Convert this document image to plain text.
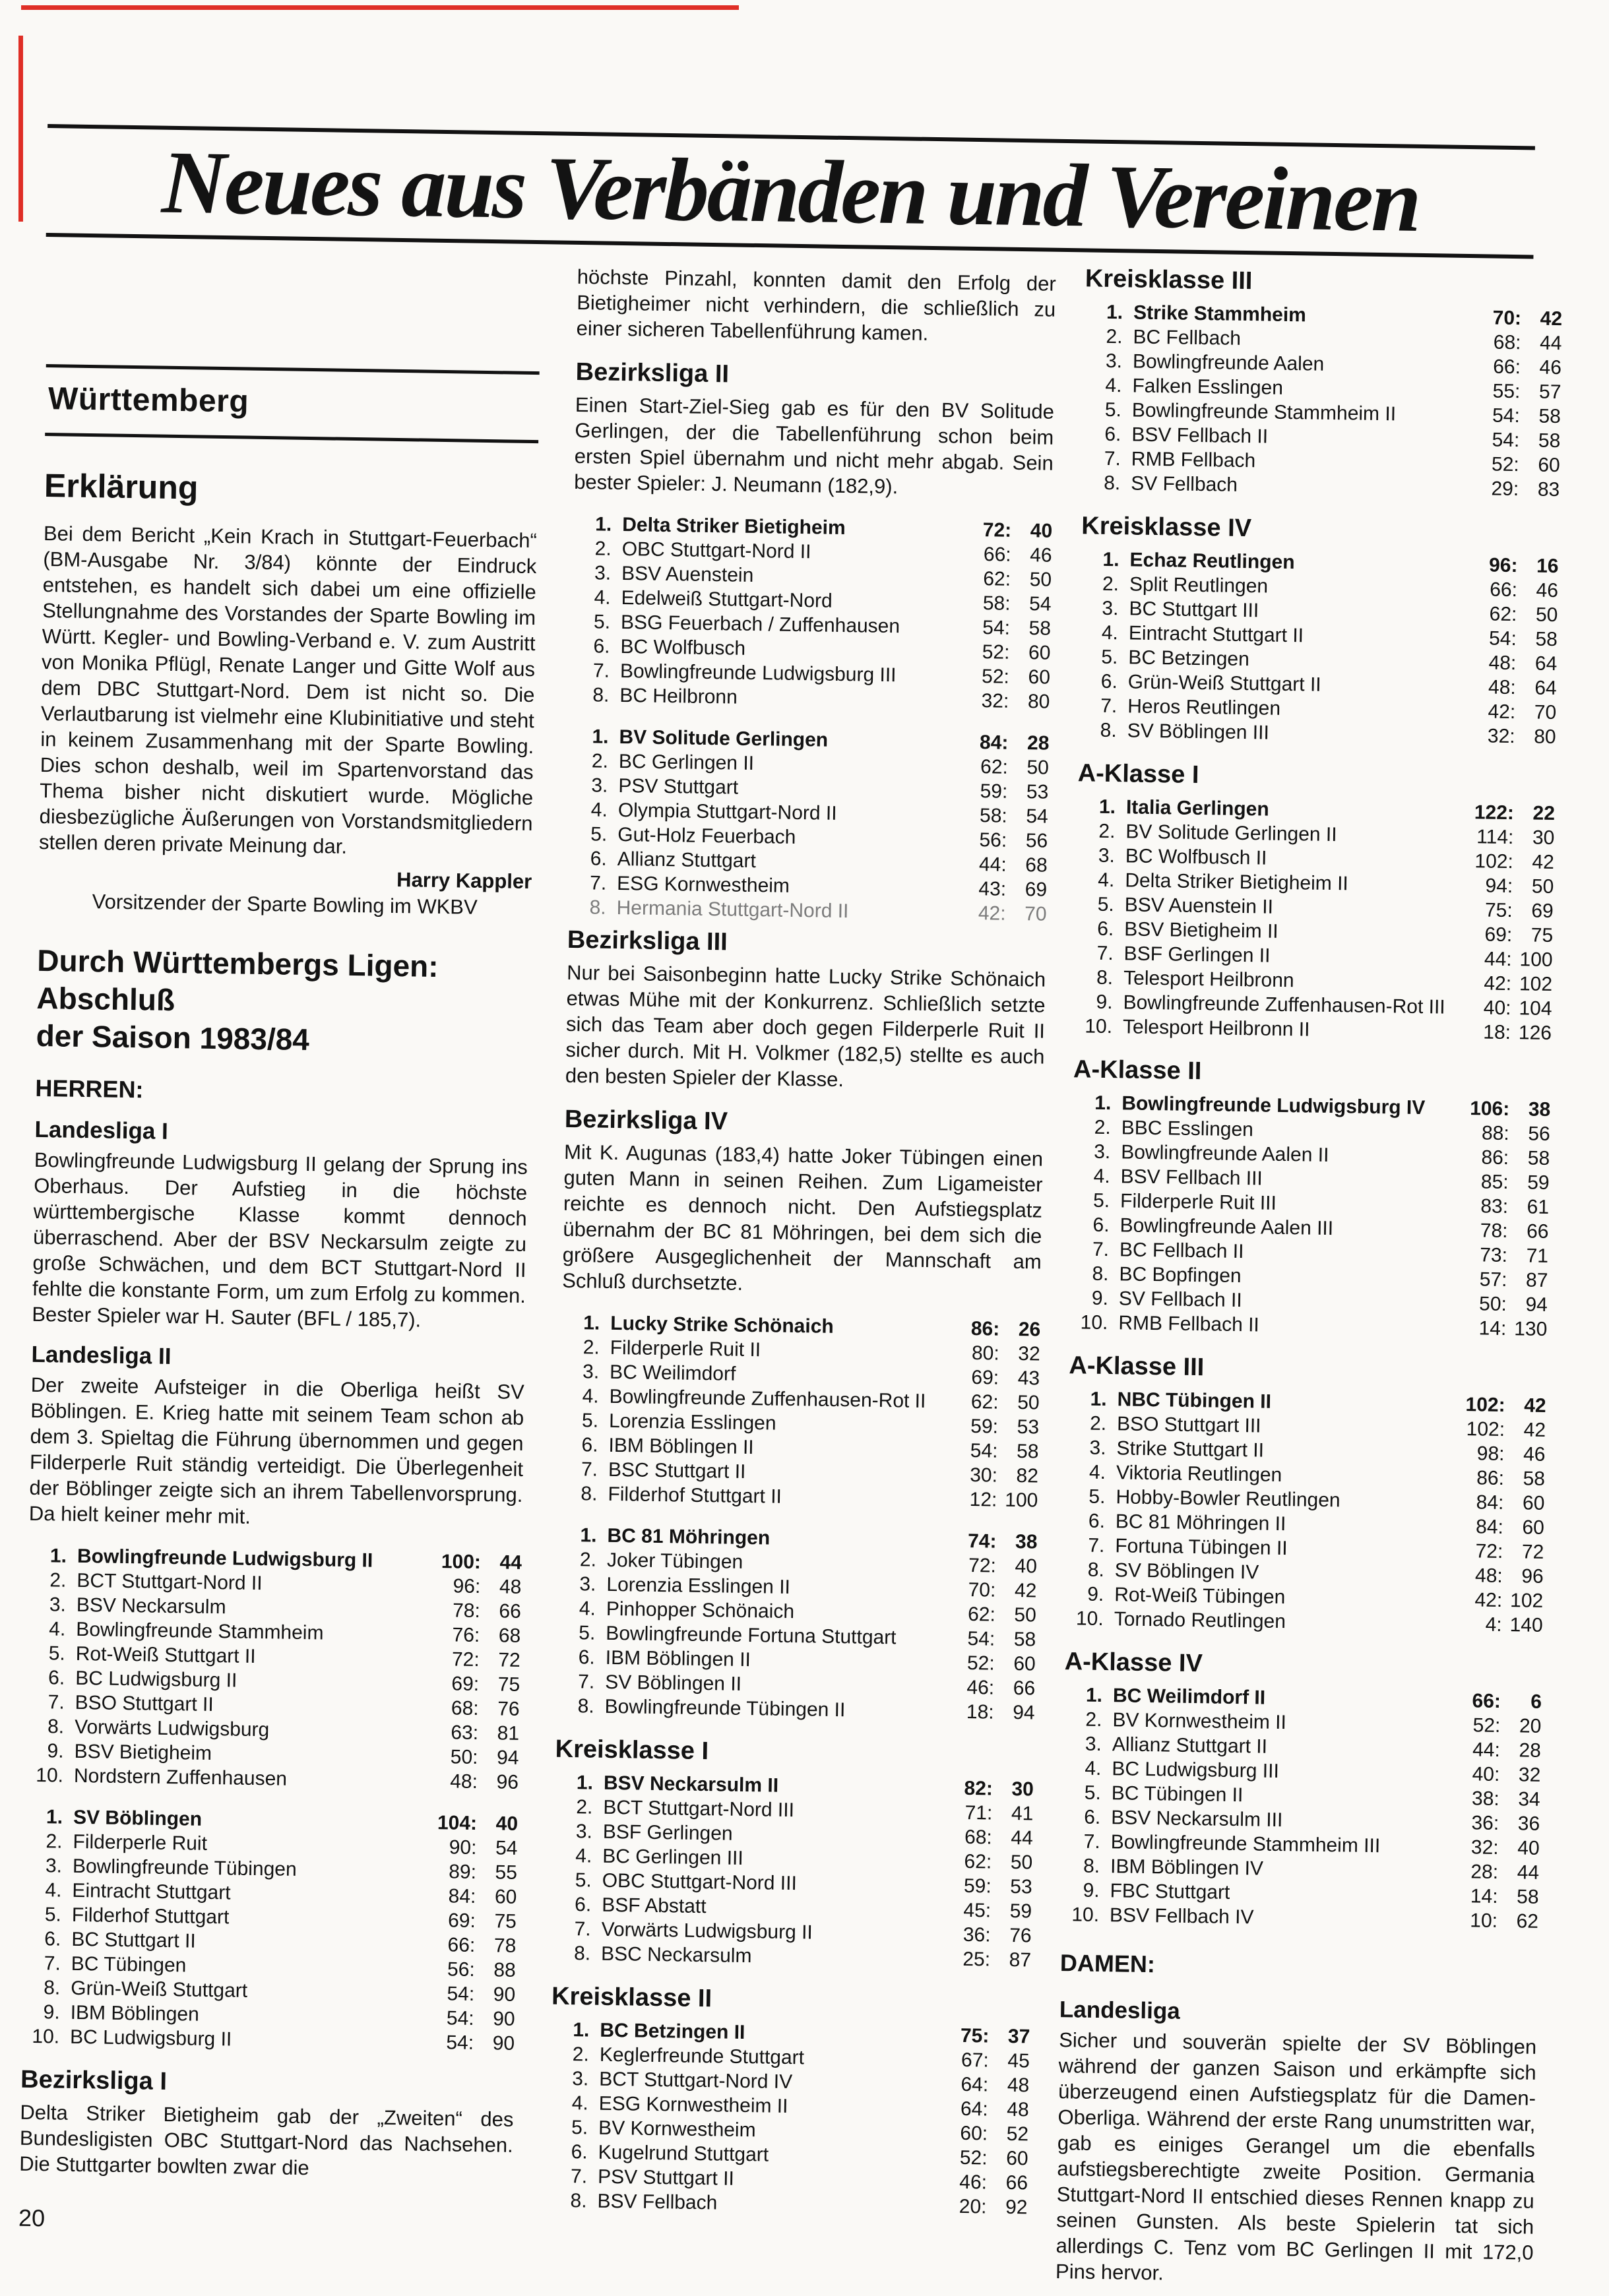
Neues aus Verbänden und Vereinen
Württemberg
Erklärung

Bei dem Bericht „Kein Krach in Stuttgart-Feuerbach“ (BM-Ausgabe Nr. 3/84) könnte der Eindruck entstehen, es handelt sich dabei um eine offizielle Stellungnahme des Vorstandes der Sparte Bowling im Württ. Kegler- und Bowling-Verband e. V. zum Austritt von Monika Pflügl, Renate Langer und Gitte Wolf aus dem DBC Stuttgart-Nord. Dem ist nicht so. Die Verlautbarung ist vielmehr eine Klubinitiative und steht in keinem Zusammenhang mit der Sparte Bowling. Dies schon deshalb, weil im Spartenvorstand das Thema bisher nicht diskutiert wurde. Mögliche diesbezügliche Äußerungen von Vorstandsmitgliedern stellen deren private Meinung dar.

Harry Kappler

Vorsitzender der Sparte Bowling im WKBV

Durch Württembergs Ligen:
Abschluß
der Saison 1983/84
HERREN:
Landesliga I

Bowlingfreunde Ludwigsburg II gelang der Sprung ins Oberhaus. Der Aufstieg in die höchste württembergische Klasse kommt dennoch überraschend. Aber der BSV Neckarsulm zeigte zu große Schwächen, und dem BCT Stuttgart-Nord II fehlte die konstante Form, um zum Erfolg zu kommen. Bester Spieler war H. Sauter (BFL / 185,7).

Landesliga II

Der zweite Aufsteiger in die Oberliga heißt SV Böblingen. E. Krieg hatte mit seinem Team schon ab dem 3. Spieltag die Führung übernommen und gegen Filderperle Ruit ständig verteidigt. Die Überlegenheit der Böblinger zeigte sich an ihrem Tabellenvorsprung. Da hielt keiner mehr mit.

1. Bowlingfreunde Ludwigsburg II	100 : 44
2. BCT Stuttgart-Nord II	96 : 48
3. BSV Neckarsulm	78 : 66
4. Bowlingfreunde Stammheim	76 : 68
5. Rot-Weiß Stuttgart II	72 : 72
6. BC Ludwigsburg II	69 : 75
7. BSO Stuttgart II	68 : 76
8. Vorwärts Ludwigsburg	63 : 81
9. BSV Bietigheim	50 : 94
10. Nordstern Zuffenhausen	48 : 96
1. SV Böblingen	104 : 40
2. Filderperle Ruit	90 : 54
3. Bowlingfreunde Tübingen	89 : 55
4. Eintracht Stuttgart	84 : 60
5. Filderhof Stuttgart	69 : 75
6. BC Stuttgart II	66 : 78
7. BC Tübingen	56 : 88
8. Grün-Weiß Stuttgart	54 : 90
9. IBM Böblingen	54 : 90
10. BC Ludwigsburg II	54 : 90
Bezirksliga I

Delta Striker Bietigheim gab der „Zweiten“ des Bundesligisten OBC Stuttgart-Nord das Nachsehen. Die Stuttgarter bowlten zwar die

20

höchste Pinzahl, konnten damit den Erfolg der Bietigheimer nicht verhindern, die schließlich zu einer sicheren Tabellenführung kamen.

Bezirksliga II

Einen Start-Ziel-Sieg gab es für den BV Solitude Gerlingen, der die Tabellenführung schon beim ersten Spiel übernahm und nicht mehr abgab. Sein bester Spieler: J. Neumann (182,9).

1. Delta Striker Bietigheim	72 : 40
2. OBC Stuttgart-Nord II	66 : 46
3. BSV Auenstein	62 : 50
4. Edelweiß Stuttgart-Nord	58 : 54
5. BSG Feuerbach / Zuffenhausen	54 : 58
6. BC Wolfbusch	52 : 60
7. Bowlingfreunde Ludwigsburg III	52 : 60
8. BC Heilbronn	32 : 80
1. BV Solitude Gerlingen	84 : 28
2. BC Gerlingen II	62 : 50
3. PSV Stuttgart	59 : 53
4. Olympia Stuttgart-Nord II	58 : 54
5. Gut-Holz Feuerbach	56 : 56
6. Allianz Stuttgart	44 : 68
7. ESG Kornwestheim	43 : 69
8. Hermania Stuttgart-Nord II	42 : 70
Bezirksliga III

Nur bei Saisonbeginn hatte Lucky Strike Schönaich etwas Mühe mit der Konkurrenz. Schließlich setzte sich das Team aber doch gegen Filderperle Ruit II sicher durch. Mit H. Volkmer (182,5) stellte es auch den besten Spieler der Klasse.

Bezirksliga IV

Mit K. Augunas (183,4) hatte Joker Tübingen einen guten Mann in seinen Reihen. Zum Ligameister reichte es dennoch nicht. Den Aufstiegsplatz übernahm der BC 81 Möhringen, bei dem sich die größere Ausgeglichenheit der Mannschaft am Schluß durchsetzte.

1. Lucky Strike Schönaich	86 : 26
2. Filderperle Ruit II	80 : 32
3. BC Weilimdorf	69 : 43
4. Bowlingfreunde Zuffenhausen-Rot II	62 : 50
5. Lorenzia Esslingen	59 : 53
6. IBM Böblingen II	54 : 58
7. BSC Stuttgart II	30 : 82
8. Filderhof Stuttgart II	12 : 100
1. BC 81 Möhringen	74 : 38
2. Joker Tübingen	72 : 40
3. Lorenzia Esslingen II	70 : 42
4. Pinhopper Schönaich	62 : 50
5. Bowlingfreunde Fortuna Stuttgart	54 : 58
6. IBM Böblingen II	52 : 60
7. SV Böblingen II	46 : 66
8. Bowlingfreunde Tübingen II	18 : 94
Kreisklasse I
1. BSV Neckarsulm II	82 : 30
2. BCT Stuttgart-Nord III	71 : 41
3. BSF Gerlingen	68 : 44
4. BC Gerlingen III	62 : 50
5. OBC Stuttgart-Nord III	59 : 53
6. BSF Abstatt	45 : 59
7. Vorwärts Ludwigsburg II	36 : 76
8. BSC Neckarsulm	25 : 87
Kreisklasse II
1. BC Betzingen II	75 : 37
2. Keglerfreunde Stuttgart	67 : 45
3. BCT Stuttgart-Nord IV	64 : 48
4. ESG Kornwestheim II	64 : 48
5. BV Kornwestheim	60 : 52
6. Kugelrund Stuttgart	52 : 60
7. PSV Stuttgart II	46 : 66
8. BSV Fellbach	20 : 92
Kreisklasse III
1. Strike Stammheim	70 : 42
2. BC Fellbach	68 : 44
3. Bowlingfreunde Aalen	66 : 46
4. Falken Esslingen	55 : 57
5. Bowlingfreunde Stammheim II	54 : 58
6. BSV Fellbach II	54 : 58
7. RMB Fellbach	52 : 60
8. SV Fellbach	29 : 83
Kreisklasse IV
1. Echaz Reutlingen	96 : 16
2. Split Reutlingen	66 : 46
3. BC Stuttgart III	62 : 50
4. Eintracht Stuttgart II	54 : 58
5. BC Betzingen	48 : 64
6. Grün-Weiß Stuttgart II	48 : 64
7. Heros Reutlingen	42 : 70
8. SV Böblingen III	32 : 80
A-Klasse I
1. Italia Gerlingen	122 : 22
2. BV Solitude Gerlingen II	114 : 30
3. BC Wolfbusch II	102 : 42
4. Delta Striker Bietigheim II	94 : 50
5. BSV Auenstein II	75 : 69
6. BSV Bietigheim II	69 : 75
7. BSF Gerlingen II	44 : 100
8. Telesport Heilbronn	42 : 102
9. Bowlingfreunde Zuffenhausen-Rot III	40 : 104
10. Telesport Heilbronn II	18 : 126
A-Klasse II
1. Bowlingfreunde Ludwigsburg IV	106 : 38
2. BBC Esslingen	88 : 56
3. Bowlingfreunde Aalen II	86 : 58
4. BSV Fellbach III	85 : 59
5. Filderperle Ruit III	83 : 61
6. Bowlingfreunde Aalen III	78 : 66
7. BC Fellbach II	73 : 71
8. BC Bopfingen	57 : 87
9. SV Fellbach II	50 : 94
10. RMB Fellbach II	14 : 130
A-Klasse III
1. NBC Tübingen II	102 : 42
2. BSO Stuttgart III	102 : 42
3. Strike Stuttgart II	98 : 46
4. Viktoria Reutlingen	86 : 58
5. Hobby-Bowler Reutlingen	84 : 60
6. BC 81 Möhringen II	84 : 60
7. Fortuna Tübingen II	72 : 72
8. SV Böblingen IV	48 : 96
9. Rot-Weiß Tübingen	42 : 102
10. Tornado Reutlingen	4 : 140
A-Klasse IV
1. BC Weilimdorf II	66 :	6
2. BV Kornwestheim II	52 : 20
3. Allianz Stuttgart II	44 : 28
4. BC Ludwigsburg III	40 : 32
5. BC Tübingen II	38 : 34
6. BSV Neckarsulm III	36 : 36
7. Bowlingfreunde Stammheim III	32 : 40
8. IBM Böblingen IV	28 : 44
9. FBC Stuttgart	14 : 58
10. BSV Fellbach IV	10 : 62
DAMEN:
Landesliga

Sicher und souverän spielte der SV Böblingen während der ganzen Saison und erkämpfte sich überzeugend einen Aufstiegsplatz für die Damen-Oberliga. Während der erste Rang unumstritten war, gab es einiges Gerangel um die ebenfalls aufstiegsberechtigte zweite Position. Germania Stuttgart-Nord II entschied dieses Rennen knapp zu seinen Gunsten. Als beste Spielerin tat sich allerdings C. Tenz vom BC Gerlingen II mit 172,0 Pins hervor.
